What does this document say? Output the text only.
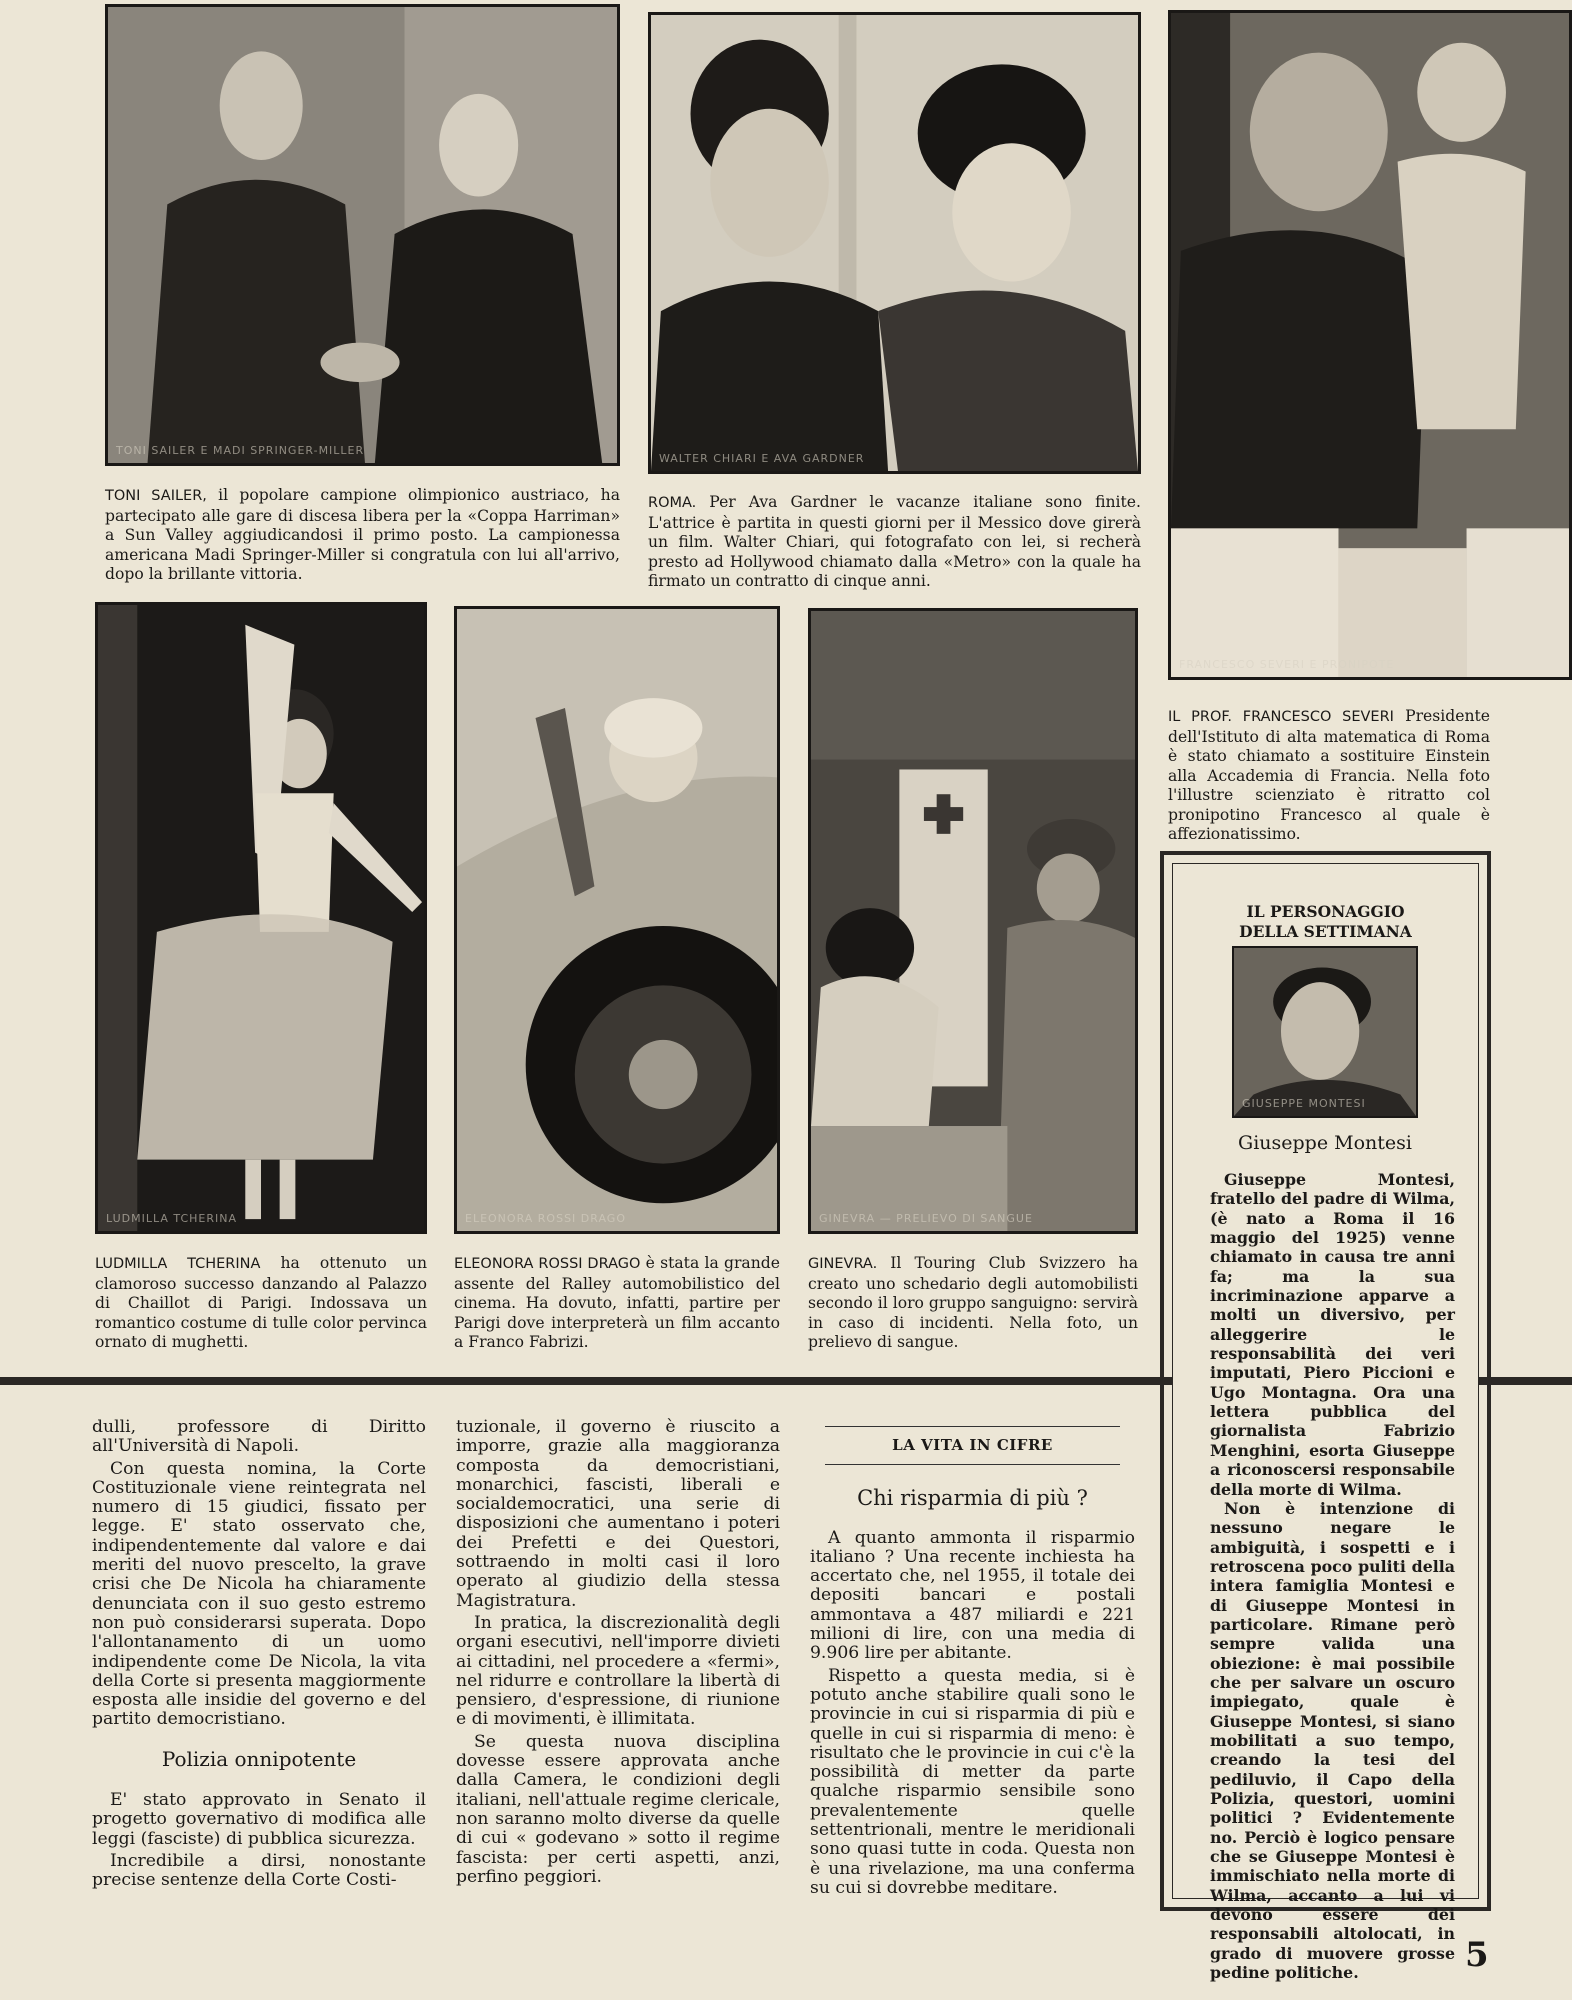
TONI SAILER E MADI SPRINGER-MILLER
WALTER CHIARI E AVA GARDNER
FRANCESCO SEVERI E PRONIPOTE
LUDMILLA TCHERINA	ELEONORA ROSSI DRAGO	GINEVRA — PRELIEVO DI SANGUE

TONI SAILER, il popolare campione olimpionico austriaco, ha partecipato alle gare di discesa libera per la «Coppa Harriman» a Sun Valley aggiudicandosi il primo posto. La campionessa americana Madi Springer-Miller si congratula con lui all'arrivo, dopo la brillante vittoria.

ROMA. Per Ava Gardner le vacanze italiane sono finite. L'attrice è partita in questi giorni per il Messico dove girerà un film. Walter Chiari, qui fotografato con lei, si recherà presto ad Hollywood chiamato dalla «Metro» con la quale ha firmato un contratto di cinque anni.

IL PROF. FRANCESCO SEVERI Presidente dell'Istituto di alta matematica di Roma è stato chiamato a sostituire Einstein alla Accademia di Francia. Nella foto l'illustre scienziato è ritratto col pronipotino Francesco al quale è affezionatissimo.

LUDMILLA TCHERINA ha ottenuto un clamoroso successo danzando al Palazzo di Chaillot di Parigi. Indossava un romantico costume di tulle color pervinca ornato di mughetti.

ELEONORA ROSSI DRAGO è stata la grande assente del Ralley automobilistico del cinema. Ha dovuto, infatti, partire per Parigi dove interpreterà un film accanto a Franco Fabrizi.

GINEVRA. Il Touring Club Svizzero ha creato uno schedario degli automobilisti secondo il loro gruppo sanguigno: servirà in caso di incidenti. Nella foto, un prelievo di sangue.

dulli, professore di Diritto all'Università di Napoli.

Con questa nomina, la Corte Costituzionale viene reintegrata nel numero di 15 giudici, fissato per legge. E' stato osservato che, indipendentemente dal valore e dai meriti del nuovo prescelto, la grave crisi che De Nicola ha chiaramente denunciata con il suo gesto estremo non può considerarsi superata. Dopo l'allontanamento di un uomo indipendente come De Nicola, la vita della Corte si presenta maggiormente esposta alle insidie del governo e del partito democristiano.

Polizia onnipotente

E' stato approvato in Senato il progetto governativo di modifica alle leggi (fasciste) di pubblica sicurezza.

Incredibile a dirsi, nonostante precise sentenze della Corte Costi-

tuzionale, il governo è riuscito a imporre, grazie alla maggioranza composta da democristiani, monarchici, fascisti, liberali e socialdemocratici, una serie di disposizioni che aumentano i poteri dei Prefetti e dei Questori, sottraendo in molti casi il loro operato al giudizio della stessa Magistratura.

In pratica, la discrezionalità degli organi esecutivi, nell'imporre divieti ai cittadini, nel procedere a «fermi», nel ridurre e controllare la libertà di pensiero, d'espressione, di riunione e di movimenti, è illimitata.

Se questa nuova disciplina dovesse essere approvata anche dalla Camera, le condizioni degli italiani, nell'attuale regime clericale, non saranno molto diverse da quelle di cui « godevano » sotto il regime fascista: per certi aspetti, anzi, perfino peggiori.

LA VITA IN CIFRE
Chi risparmia di più ?

A quanto ammonta il risparmio italiano ? Una recente inchiesta ha accertato che, nel 1955, il totale dei depositi bancari e postali ammontava a 487 miliardi e 221 milioni di lire, con una media di 9.906 lire per abitante.

Rispetto a questa media, si è potuto anche stabilire quali sono le provincie in cui si risparmia di più e quelle in cui si risparmia di meno: è risultato che le provincie in cui c'è la possibilità di metter da parte qualche risparmio sensibile sono prevalentemente quelle settentrionali, mentre le meridionali sono quasi tutte in coda. Questa non è una rivelazione, ma una conferma su cui si dovrebbe meditare.

IL PERSONAGGIO
DELLA SETTIMANA
GIUSEPPE MONTESI
Giuseppe Montesi

Giuseppe Montesi, fratello del padre di Wilma, (è nato a Roma il 16 maggio del 1925) venne chiamato in causa tre anni fa; ma la sua incriminazione apparve a molti un diversivo, per alleggerire le responsabilità dei veri imputati, Piero Piccioni e Ugo Montagna. Ora una lettera pubblica del giornalista Fabrizio Menghini, esorta Giuseppe a riconoscersi responsabile della morte di Wilma.

Non è intenzione di nessuno negare le ambiguità, i sospetti e i retroscena poco puliti della intera famiglia Montesi e di Giuseppe Montesi in particolare. Rimane però sempre valida una obiezione: è mai possibile che per salvare un oscuro impiegato, quale è Giuseppe Montesi, si siano mobilitati a suo tempo, creando la tesi del pediluvio, il Capo della Polizia, questori, uomini politici ? Evidentemente no. Perciò è logico pensare che se Giuseppe Montesi è immischiato nella morte di Wilma, accanto a lui vi devono essere dei responsabili altolocati, in grado di muovere grosse pedine politiche.	5
